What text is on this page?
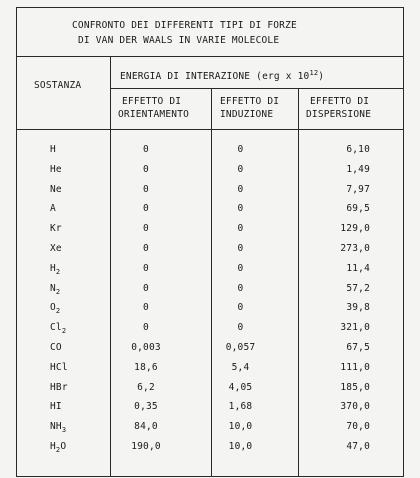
CONFRONTO DEI DIFFERENTI TIPI DI FORZE
DI VAN DER WAALS IN VARIE MOLECOLE
SOSTANZA
ENERGIA DI INTERAZIONE (erg x $10^{12}$)
EFFETTO DI
ORIENTAMENTO
EFFETTO DI
INDUZIONE
EFFETTO DI
DISPERSIONE
H	0	0	6,10
He	0	0	1,49
Ne	0	0	7,97
A	0	0	69,5
Kr	0	0	129,0
Xe	0	0	273,0
$H_2$	0	0	11,4
$N_2$	0	0	57,2
$O_2$	0	0	39,8
$Cl_2$	0	0	321,0
CO	0,003	0,057	67,5
HCl	18,6	5,4	111,0
HBr	6,2	4,05	185,0
HI	0,35	1,68	370,0
$NH_3$	84,0	10,0	70,0
$H_2O$	190,0	10,0	47,0
